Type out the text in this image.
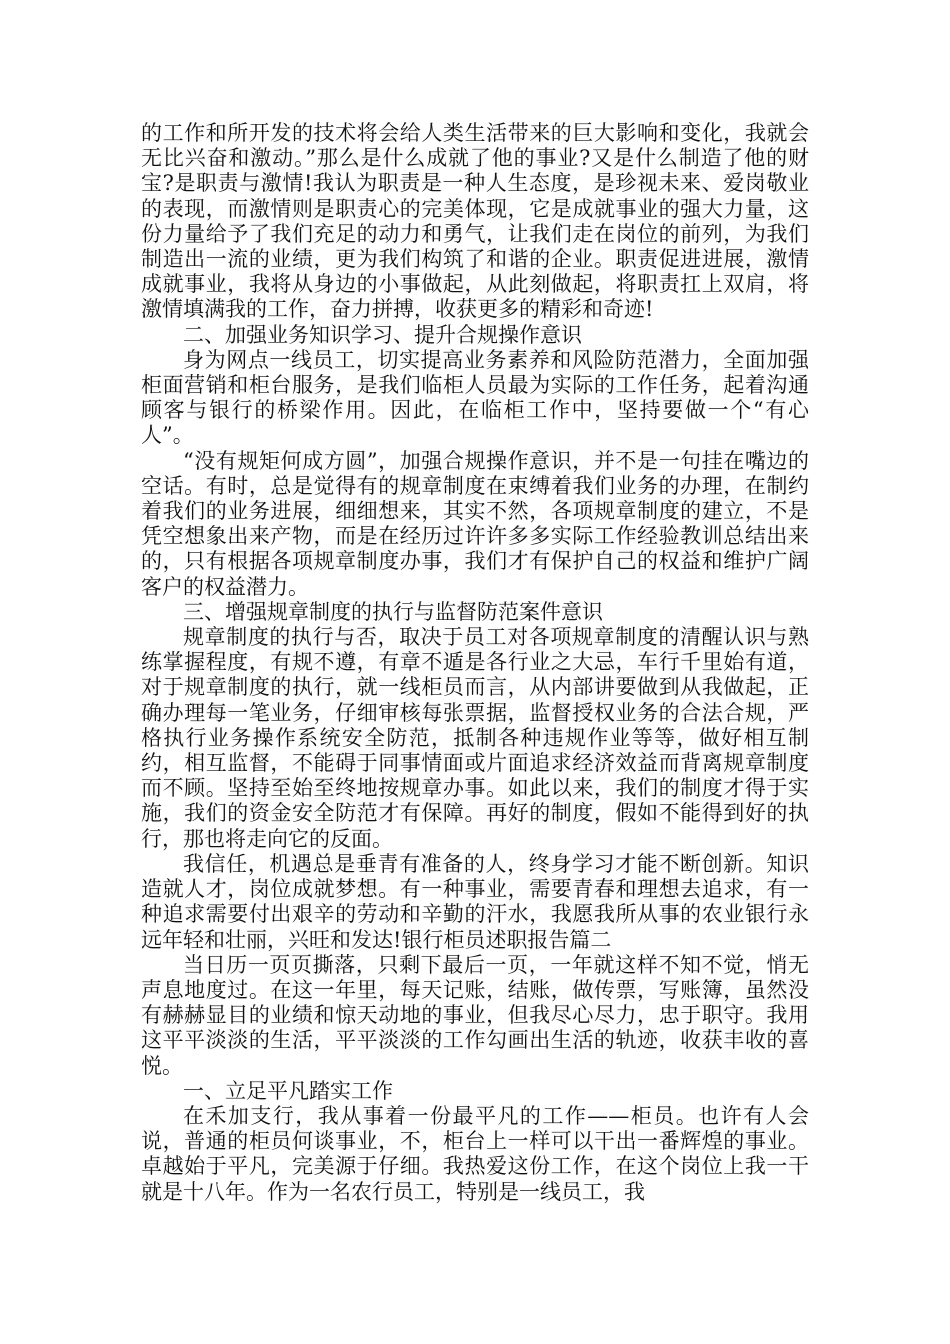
的工作和所开发的技术将会给人类生活带来的巨大影响和变化，我就会无比兴奋和激动。”那么是什么成就了他的事业?又是什么制造了他的财宝?是职责与激情!我认为职责是一种人生态度，是珍视未来、爱岗敬业的表现，而激情则是职责心的完美体现，它是成就事业的强大力量，这份力量给予了我们充足的动力和勇气，让我们走在岗位的前列，为我们制造出一流的业绩，更为我们构筑了和谐的企业。职责促进进展，激情成就事业，我将从身边的小事做起，从此刻做起，将职责扛上双肩，将激情填满我的工作，奋力拼搏，收获更多的精彩和奇迹!

二、加强业务知识学习、提升合规操作意识

身为网点一线员工，切实提高业务素养和风险防范潜力，全面加强柜面营销和柜台服务，是我们临柜人员最为实际的工作任务，起着沟通顾客与银行的桥梁作用。因此，在临柜工作中，坚持要做一个“有心人”。

“没有规矩何成方圆”，加强合规操作意识，并不是一句挂在嘴边的空话。有时，总是觉得有的规章制度在束缚着我们业务的办理，在制约着我们的业务进展，细细想来，其实不然，各项规章制度的建立，不是凭空想象出来产物，而是在经历过许许多多实际工作经验教训总结出来的，只有根据各项规章制度办事，我们才有保护自己的权益和维护广阔客户的权益潜力。

三、增强规章制度的执行与监督防范案件意识

规章制度的执行与否，取决于员工对各项规章制度的清醒认识与熟练掌握程度，有规不遵，有章不遁是各行业之大忌，车行千里始有道，对于规章制度的执行，就一线柜员而言，从内部讲要做到从我做起，正确办理每一笔业务，仔细审核每张票据，监督授权业务的合法合规，严格执行业务操作系统安全防范，抵制各种违规作业等等，做好相互制约，相互监督，不能碍于同事情面或片面追求经济效益而背离规章制度而不顾。坚持至始至终地按规章办事。如此以来，我们的制度才得于实施，我们的资金安全防范才有保障。再好的制度，假如不能得到好的执行，那也将走向它的反面。

我信任，机遇总是垂青有准备的人，终身学习才能不断创新。知识造就人才，岗位成就梦想。有一种事业，需要青春和理想去追求，有一种追求需要付出艰辛的劳动和辛勤的汗水，我愿我所从事的农业银行永远年轻和壮丽，兴旺和发达!银行柜员述职报告篇二

当日历一页页撕落，只剩下最后一页，一年就这样不知不觉，悄无声息地度过。在这一年里，每天记账，结账，做传票，写账簿，虽然没有赫赫显目的业绩和惊天动地的事业，但我尽心尽力，忠于职守。我用这平平淡淡的生活，平平淡淡的工作勾画出生活的轨迹，收获丰收的喜悦。

一、立足平凡踏实工作

在禾加支行，我从事着一份最平凡的工作——柜员。也许有人会说，普通的柜员何谈事业，不，柜台上一样可以干出一番辉煌的事业。卓越始于平凡，完美源于仔细。我热爱这份工作，在这个岗位上我一干就是十八年。作为一名农行员工，特别是一线员工，我
